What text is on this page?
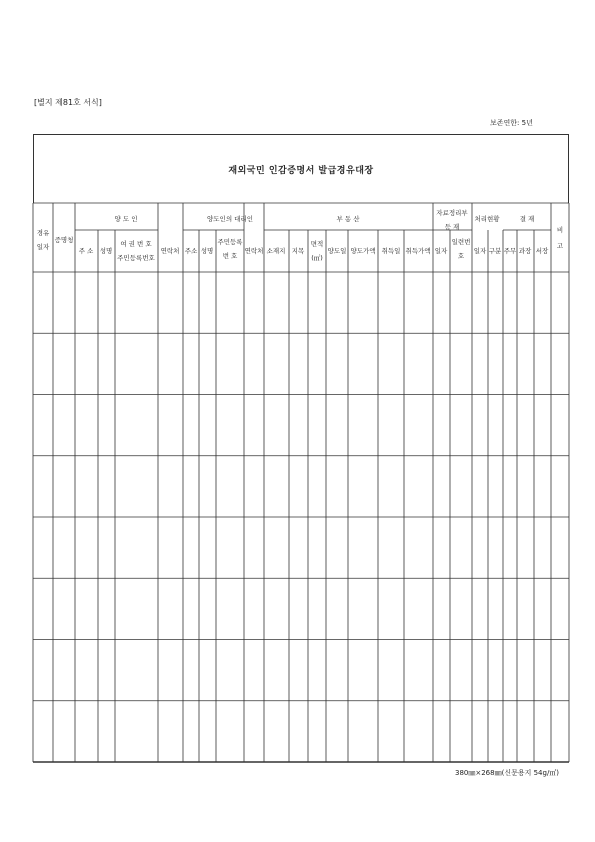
[별지 제81호 서식]
보존연한: 5년
재외국민 인감증명서 발급경유대장
경유
일자
증명청
양 도 인
주 소 성명
여 권 번 호
주민등록번호
연락처
양도인의 대리인
주소 성명
주민등록
번 호
연락처
부 동 산
소재지 지목
면적
(㎡)
양도일 양도가액 취득일 취득가액
자료정리부
등 재
일자
일련번
호
처리현황
일자 구분
결 재
주무 과장 서장
비
고
380㎜×268㎜(신문용지 54g/㎡)
